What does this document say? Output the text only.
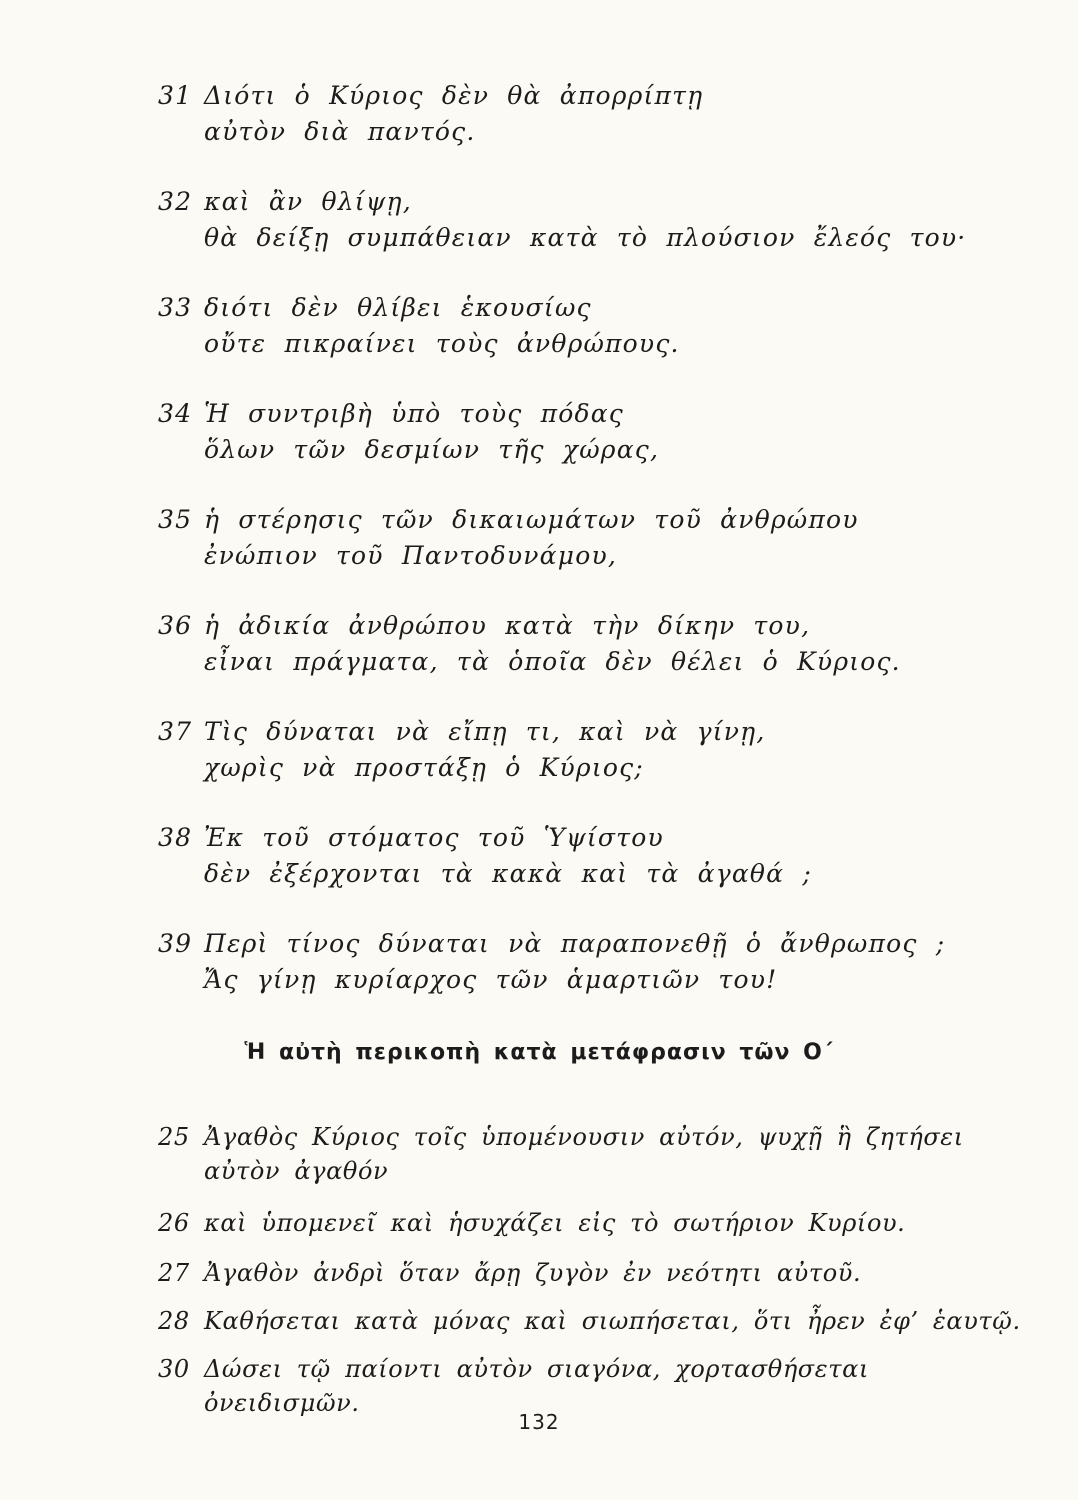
31 Διότι ὁ Κύριος δὲν θὰ ἀπορρίπτῃ
αὐτὸν διὰ παντός.
32 καὶ ἂν θλίψῃ,
θὰ δείξῃ συμπάθειαν κατὰ τὸ πλούσιον ἔλεός του·
33 διότι δὲν θλίβει ἑκουσίως
οὔτε πικραίνει τοὺς ἀνθρώπους.
34 Ἡ συντριβὴ ὑπὸ τοὺς πόδας
ὅλων τῶν δεσμίων τῆς χώρας,
35 ἡ στέρησις τῶν δικαιωμάτων τοῦ ἀνθρώπου
ἐνώπιον τοῦ Παντοδυνάμου,
36 ἡ ἀδικία ἀνθρώπου κατὰ τὴν δίκην του,
εἶναι πράγματα, τὰ ὁποῖα δὲν θέλει ὁ Κύριος.
37 Τὶς δύναται νὰ εἴπῃ τι, καὶ νὰ γίνῃ,
χωρὶς νὰ προστάξῃ ὁ Κύριος;
38 Ἐκ τοῦ στόματος τοῦ Ὑψίστου
δὲν ἐξέρχονται τὰ κακὰ καὶ τὰ ἀγαθά ;
39 Περὶ τίνος δύναται νὰ παραπονεθῇ ὁ ἄνθρωπος ;
Ἄς γίνῃ κυρίαρχος τῶν ἁμαρτιῶν του!
Ἡ αὐτὴ περικοπὴ κατὰ μετάφρασιν τῶν Ο΄
25 Ἀγαθὸς Κύριος τοῖς ὑπομένουσιν αὐτόν, ψυχῇ ἣ ζητήσει αὐτὸν ἀγαθόν
26 καὶ ὑπομενεῖ καὶ ἡσυχάζει εἰς τὸ σωτήριον Κυρίου.
27 Ἀγαθὸν ἀνδρὶ ὅταν ἄρῃ ζυγὸν ἐν νεότητι αὐτοῦ.
28 Καθήσεται κατὰ μόνας καὶ σιωπήσεται, ὅτι ἦρεν ἐφ’ ἑαυτῷ.
30 Δώσει τῷ παίοντι αὐτὸν σιαγόνα, χορτασθήσεται ὀνειδισμῶν.
132
